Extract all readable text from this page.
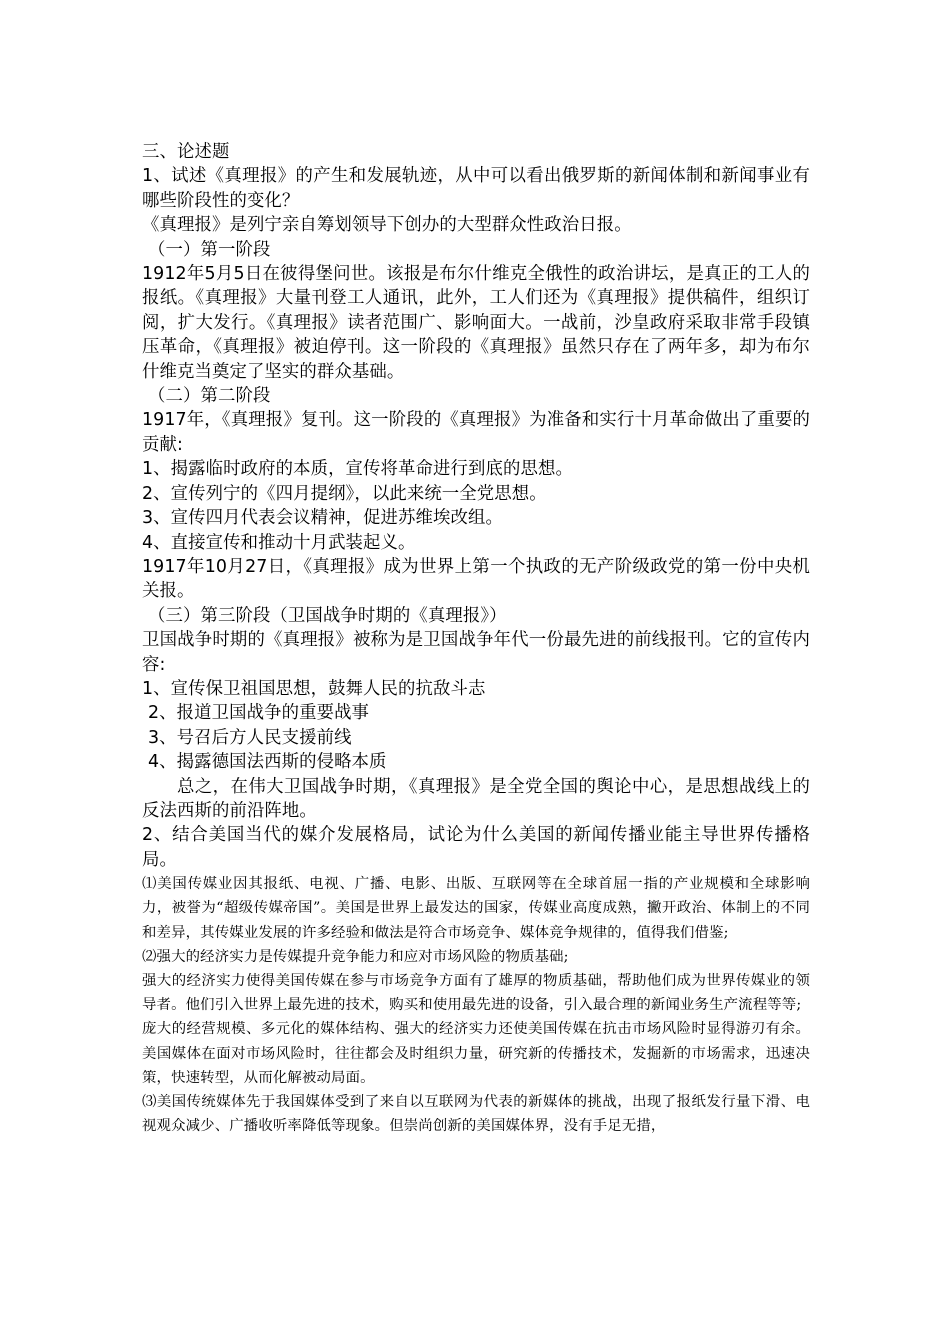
三、论述题

1、试述《真理报》的产生和发展轨迹，从中可以看出俄罗斯的新闻体制和新闻事业有哪些阶段性的变化？

《真理报》是列宁亲自筹划领导下创办的大型群众性政治日报。

（一）第一阶段

1912年5月5日在彼得堡问世。该报是布尔什维克全俄性的政治讲坛，是真正的工人的报纸。《真理报》大量刊登工人通讯，此外，工人们还为《真理报》提供稿件，组织订阅，扩大发行。《真理报》读者范围广、影响面大。一战前，沙皇政府采取非常手段镇压革命，《真理报》被迫停刊。这一阶段的《真理报》虽然只存在了两年多，却为布尔什维克当奠定了坚实的群众基础。

（二）第二阶段

1917年，《真理报》复刊。这一阶段的《真理报》为准备和实行十月革命做出了重要的贡献:

1、揭露临时政府的本质，宣传将革命进行到底的思想。

2、宣传列宁的《四月提纲》，以此来统一全党思想。

3、宣传四月代表会议精神，促进苏维埃改组。

4、直接宣传和推动十月武装起义。

1917年10月27日，《真理报》成为世界上第一个执政的无产阶级政党的第一份中央机关报。

（三）第三阶段（卫国战争时期的《真理报》）

卫国战争时期的《真理报》被称为是卫国战争年代一份最先进的前线报刊。它的宣传内容:

1、宣传保卫祖国思想，鼓舞人民的抗敌斗志

2、报道卫国战争的重要战事

3、号召后方人民支援前线

4、揭露德国法西斯的侵略本质

总之，在伟大卫国战争时期，《真理报》是全党全国的舆论中心，是思想战线上的反法西斯的前沿阵地。

2、结合美国当代的媒介发展格局，试论为什么美国的新闻传播业能主导世界传播格局。

⑴美国传媒业因其报纸、电视、广播、电影、出版、互联网等在全球首屈一指的产业规模和全球影响力，被誉为“超级传媒帝国”。美国是世界上最发达的国家，传媒业高度成熟，撇开政治、体制上的不同和差异，其传媒业发展的许多经验和做法是符合市场竞争、媒体竞争规律的，值得我们借鉴;

⑵强大的经济实力是传媒提升竞争能力和应对市场风险的物质基础;

强大的经济实力使得美国传媒在参与市场竞争方面有了雄厚的物质基础，帮助他们成为世界传媒业的领导者。他们引入世界上最先进的技术，购买和使用最先进的设备，引入最合理的新闻业务生产流程等等;

庞大的经营规模、多元化的媒体结构、强大的经济实力还使美国传媒在抗击市场风险时显得游刃有余。美国媒体在面对市场风险时，往往都会及时组织力量，研究新的传播技术，发掘新的市场需求，迅速决策，快速转型，从而化解被动局面。

⑶美国传统媒体先于我国媒体受到了来自以互联网为代表的新媒体的挑战，出现了报纸发行量下滑、电视观众减少、广播收听率降低等现象。但崇尚创新的美国媒体界，没有手足无措，
